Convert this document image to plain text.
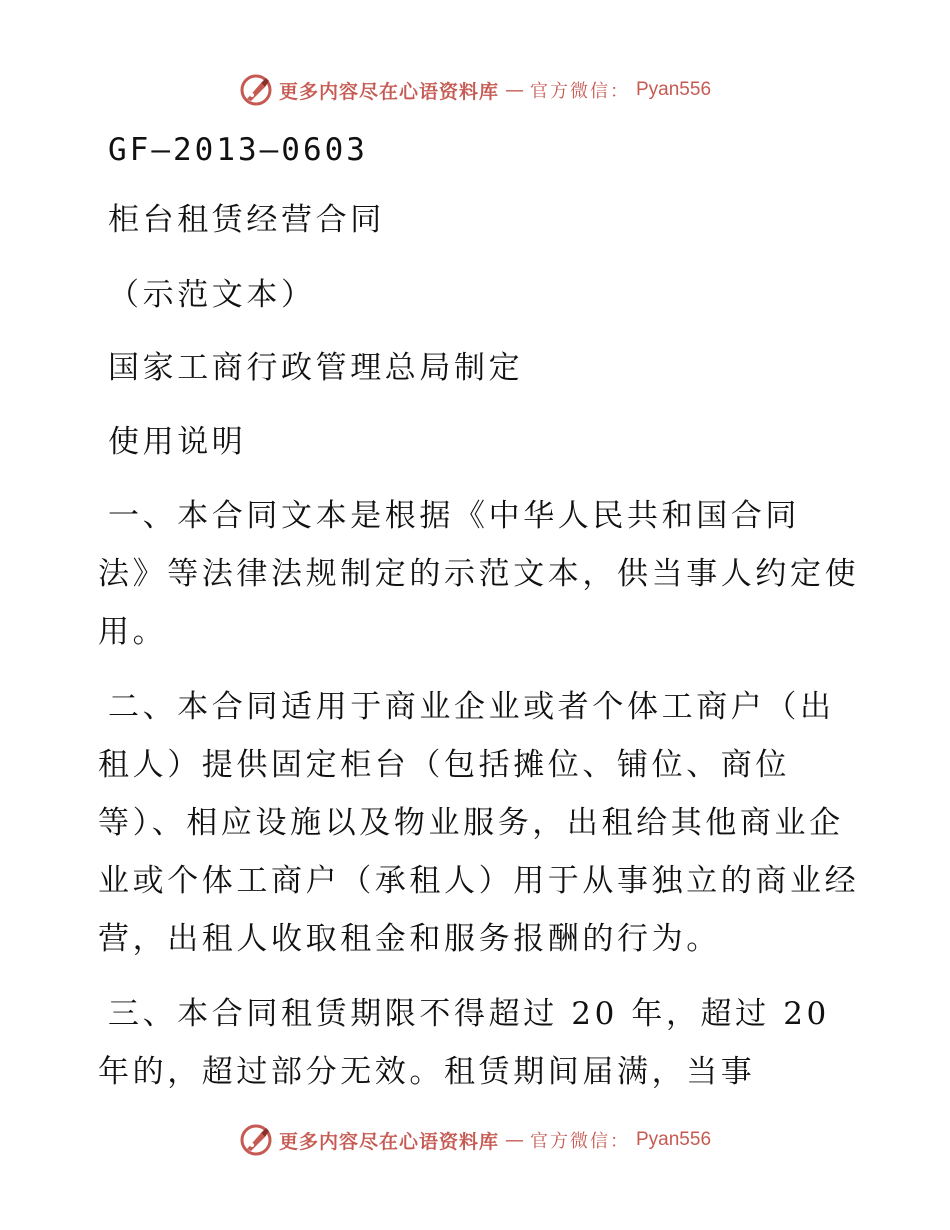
更多内容尽在心语资料库 — 官方微信： Pyan556
GF—2013—0603
柜台租赁经营合同
（示范文本）
国家工商行政管理总局制定
使用说明
一、本合同文本是根据《中华人民共和国合同
法》等法律法规制定的示范文本，供当事人约定使
用。
二、本合同适用于商业企业或者个体工商户（出
租人）提供固定柜台（包括摊位、铺位、商位
等）、相应设施以及物业服务，出租给其他商业企
业或个体工商户（承租人）用于从事独立的商业经
营，出租人收取租金和服务报酬的行为。
三、本合同租赁期限不得超过 20 年，超过 20
年的，超过部分无效。租赁期间届满，当事
更多内容尽在心语资料库 — 官方微信： Pyan556
